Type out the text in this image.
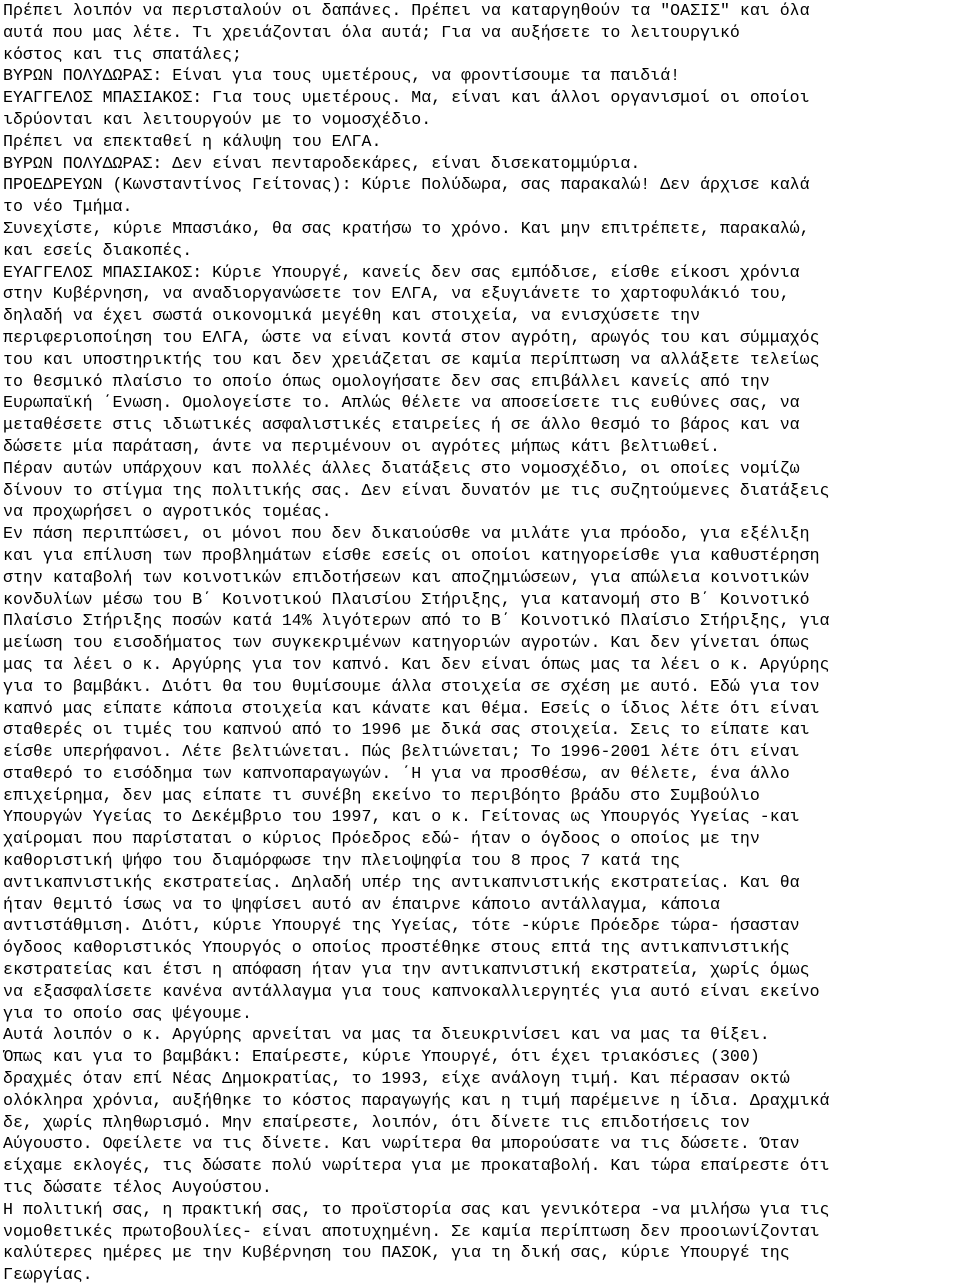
Πρέπει λοιπόν να περισταλούν οι δαπάνες. Πρέπει να καταργηθούν τα "ΟΑΣΙΣ" και όλα
αυτά που μας λέτε. Τι χρειάζονται όλα αυτά; Για να αυξήσετε το λειτουργικό
κόστος και τις σπατάλες;
ΒΥΡΩΝ ΠΟΛΥΔΩΡΑΣ: Είναι για τους υμετέρους, να φροντίσουμε τα παιδιά!
ΕΥΑΓΓΕΛΟΣ ΜΠΑΣΙΑΚΟΣ: Για τους υμετέρους. Μα, είναι και άλλοι οργανισμοί οι οποίοι
ιδρύονται και λειτουργούν με το νομοσχέδιο.
Πρέπει να επεκταθεί η κάλυψη του ΕΛΓΑ.
ΒΥΡΩΝ ΠΟΛΥΔΩΡΑΣ: Δεν είναι πενταροδεκάρες, είναι δισεκατομμύρια.
ΠΡΟΕΔΡΕΥΩΝ (Κωνσταντίνος Γείτονας): Κύριε Πολύδωρα, σας παρακαλώ! Δεν άρχισε καλά
το νέο Τμήμα.
Συνεχίστε, κύριε Μπασιάκο, θα σας κρατήσω το χρόνο. Και μην επιτρέπετε, παρακαλώ,
και εσείς διακοπές.
ΕΥΑΓΓΕΛΟΣ ΜΠΑΣΙΑΚΟΣ: Κύριε Υπουργέ, κανείς δεν σας εμπόδισε, είσθε είκοσι χρόνια
στην Κυβέρνηση, να αναδιοργανώσετε τον ΕΛΓΑ, να εξυγιάνετε το χαρτοφυλάκιό του,
δηλαδή να έχει σωστά οικονομικά μεγέθη και στοιχεία, να ενισχύσετε την
περιφεριοποίηση του ΕΛΓΑ, ώστε να είναι κοντά στον αγρότη, αρωγός του και σύμμαχός
του και υποστηρικτής του και δεν χρειάζεται σε καμία περίπτωση να αλλάξετε τελείως
το θεσμικό πλαίσιο το οποίο όπως ομολογήσατε δεν σας επιβάλλει κανείς από την
Ευρωπαϊκή ΄Ενωση. Ομολογείστε το. Απλώς θέλετε να αποσείσετε τις ευθύνες σας, να
μεταθέσετε στις ιδιωτικές ασφαλιστικές εταιρείες ή σε άλλο θεσμό το βάρος και να
δώσετε μία παράταση, άντε να περιμένουν οι αγρότες μήπως κάτι βελτιωθεί.
Πέραν αυτών υπάρχουν και πολλές άλλες διατάξεις στο νομοσχέδιο, οι οποίες νομίζω
δίνουν το στίγμα της πολιτικής σας. Δεν είναι δυνατόν με τις συζητούμενες διατάξεις
να προχωρήσει ο αγροτικός τομέας.
Εν πάση περιπτώσει, οι μόνοι που δεν δικαιούσθε να μιλάτε για πρόοδο, για εξέλιξη
και για επίλυση των προβλημάτων είσθε εσείς οι οποίοι κατηγορείσθε για καθυστέρηση
στην καταβολή των κοινοτικών επιδοτήσεων και αποζημιώσεων, για απώλεια κοινοτικών
κονδυλίων μέσω του Β΄ Κοινοτικού Πλαισίου Στήριξης, για κατανομή στο Β΄ Κοινοτικό
Πλαίσιο Στήριξης ποσών κατά 14% λιγότερων από το Β΄ Κοινοτικό Πλαίσιο Στήριξης, για
μείωση του εισοδήματος των συγκεκριμένων κατηγοριών αγροτών. Και δεν γίνεται όπως
μας τα λέει ο κ. Αργύρης για τον καπνό. Και δεν είναι όπως μας τα λέει ο κ. Αργύρης
για το βαμβάκι. Διότι θα του θυμίσουμε άλλα στοιχεία σε σχέση με αυτό. Εδώ για τον
καπνό μας είπατε κάποια στοιχεία και κάνατε και θέμα. Εσείς ο ίδιος λέτε ότι είναι
σταθερές οι τιμές του καπνού από το 1996 με δικά σας στοιχεία. Σεις το είπατε και
είσθε υπερήφανοι. Λέτε βελτιώνεται. Πώς βελτιώνεται; Το 1996-2001 λέτε ότι είναι
σταθερό το εισόδημα των καπνοπαραγωγών. ΄Η για να προσθέσω, αν θέλετε, ένα άλλο
επιχείρημα, δεν μας είπατε τι συνέβη εκείνο το περιβόητο βράδυ στο Συμβούλιο
Υπουργών Υγείας το Δεκέμβριο του 1997, και ο κ. Γείτονας ως Υπουργός Υγείας -και
χαίρομαι που παρίσταται ο κύριος Πρόεδρος εδώ- ήταν ο όγδοος ο οποίος με την
καθοριστική ψήφο του διαμόρφωσε την πλειοψηφία του 8 προς 7 κατά της
αντικαπνιστικής εκστρατείας. Δηλαδή υπέρ της αντικαπνιστικής εκστρατείας. Και θα
ήταν θεμιτό ίσως να το ψηφίσει αυτό αν έπαιρνε κάποιο αντάλλαγμα, κάποια
αντιστάθμιση. Διότι, κύριε Υπουργέ της Υγείας, τότε -κύριε Πρόεδρε τώρα- ήσασταν
όγδοος καθοριστικός Υπουργός ο οποίος προστέθηκε στους επτά της αντικαπνιστικής
εκστρατείας και έτσι η απόφαση ήταν για την αντικαπνιστική εκστρατεία, χωρίς όμως
να εξασφαλίσετε κανένα αντάλλαγμα για τους καπνοκαλλιεργητές για αυτό είναι εκείνο
για το οποίο σας ψέγουμε.
Αυτά λοιπόν ο κ. Αργύρης αρνείται να μας τα διευκρινίσει και να μας τα θίξει.
Όπως και για το βαμβάκι: Επαίρεστε, κύριε Υπουργέ, ότι έχει τριακόσιες (300)
δραχμές όταν επί Νέας Δημοκρατίας, το 1993, είχε ανάλογη τιμή. Και πέρασαν οκτώ
ολόκληρα χρόνια, αυξήθηκε το κόστος παραγωγής και η τιμή παρέμεινε η ίδια. Δραχμικά
δε, χωρίς πληθωρισμό. Μην επαίρεστε, λοιπόν, ότι δίνετε τις επιδοτήσεις τον
Αύγουστο. Οφείλετε να τις δίνετε. Και νωρίτερα θα μπορούσατε να τις δώσετε. Όταν
είχαμε εκλογές, τις δώσατε πολύ νωρίτερα για με προκαταβολή. Και τώρα επαίρεστε ότι
τις δώσατε τέλος Αυγούστου.
Η πολιτική σας, η πρακτική σας, το προϊστορία σας και γενικότερα -να μιλήσω για τις
νομοθετικές πρωτοβουλίες- είναι αποτυχημένη. Σε καμία περίπτωση δεν προοιωνίζονται
καλύτερες ημέρες με την Κυβέρνηση του ΠΑΣΟΚ, για τη δική σας, κύριε Υπουργέ της
Γεωργίας.
